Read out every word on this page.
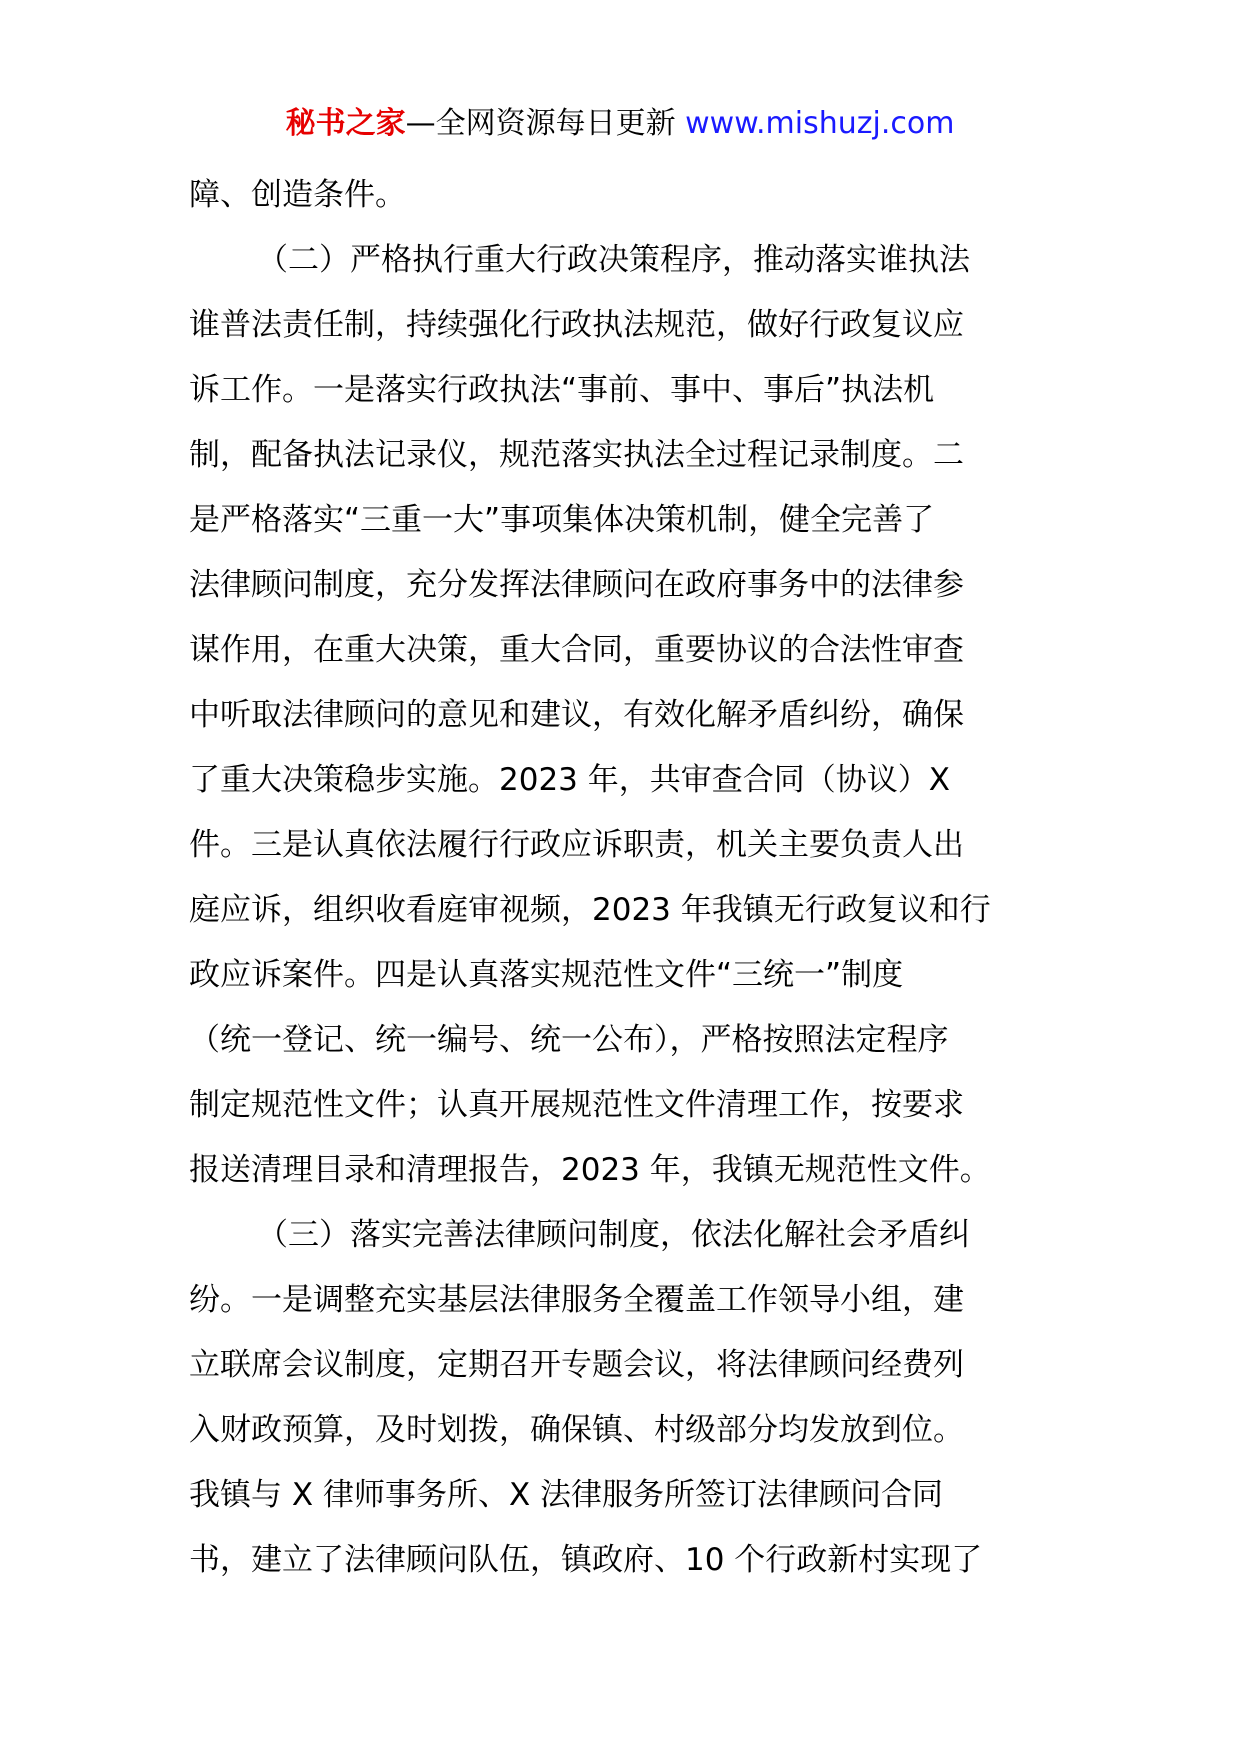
秘书之家—全网资源每日更新 www.mishuzj.com
障、创造条件。
（二）严格执行重大行政决策程序，推动落实谁执法
谁普法责任制，持续强化行政执法规范，做好行政复议应
诉工作。一是落实行政执法“事前、事中、事后”执法机
制，配备执法记录仪，规范落实执法全过程记录制度。二
是严格落实“三重一大”事项集体决策机制，健全完善了
法律顾问制度，充分发挥法律顾问在政府事务中的法律参
谋作用，在重大决策，重大合同，重要协议的合法性审查
中听取法律顾问的意见和建议，有效化解矛盾纠纷，确保
了重大决策稳步实施。2023 年，共审查合同（协议）X
件。三是认真依法履行行政应诉职责，机关主要负责人出
庭应诉，组织收看庭审视频，2023 年我镇无行政复议和行
政应诉案件。四是认真落实规范性文件“三统一”制度
（统一登记、统一编号、统一公布），严格按照法定程序
制定规范性文件；认真开展规范性文件清理工作，按要求
报送清理目录和清理报告，2023 年，我镇无规范性文件。
（三）落实完善法律顾问制度，依法化解社会矛盾纠
纷。一是调整充实基层法律服务全覆盖工作领导小组，建
立联席会议制度，定期召开专题会议，将法律顾问经费列
入财政预算，及时划拨，确保镇、村级部分均发放到位。
我镇与 X 律师事务所、X 法律服务所签订法律顾问合同
书，建立了法律顾问队伍，镇政府、10 个行政新村实现了
